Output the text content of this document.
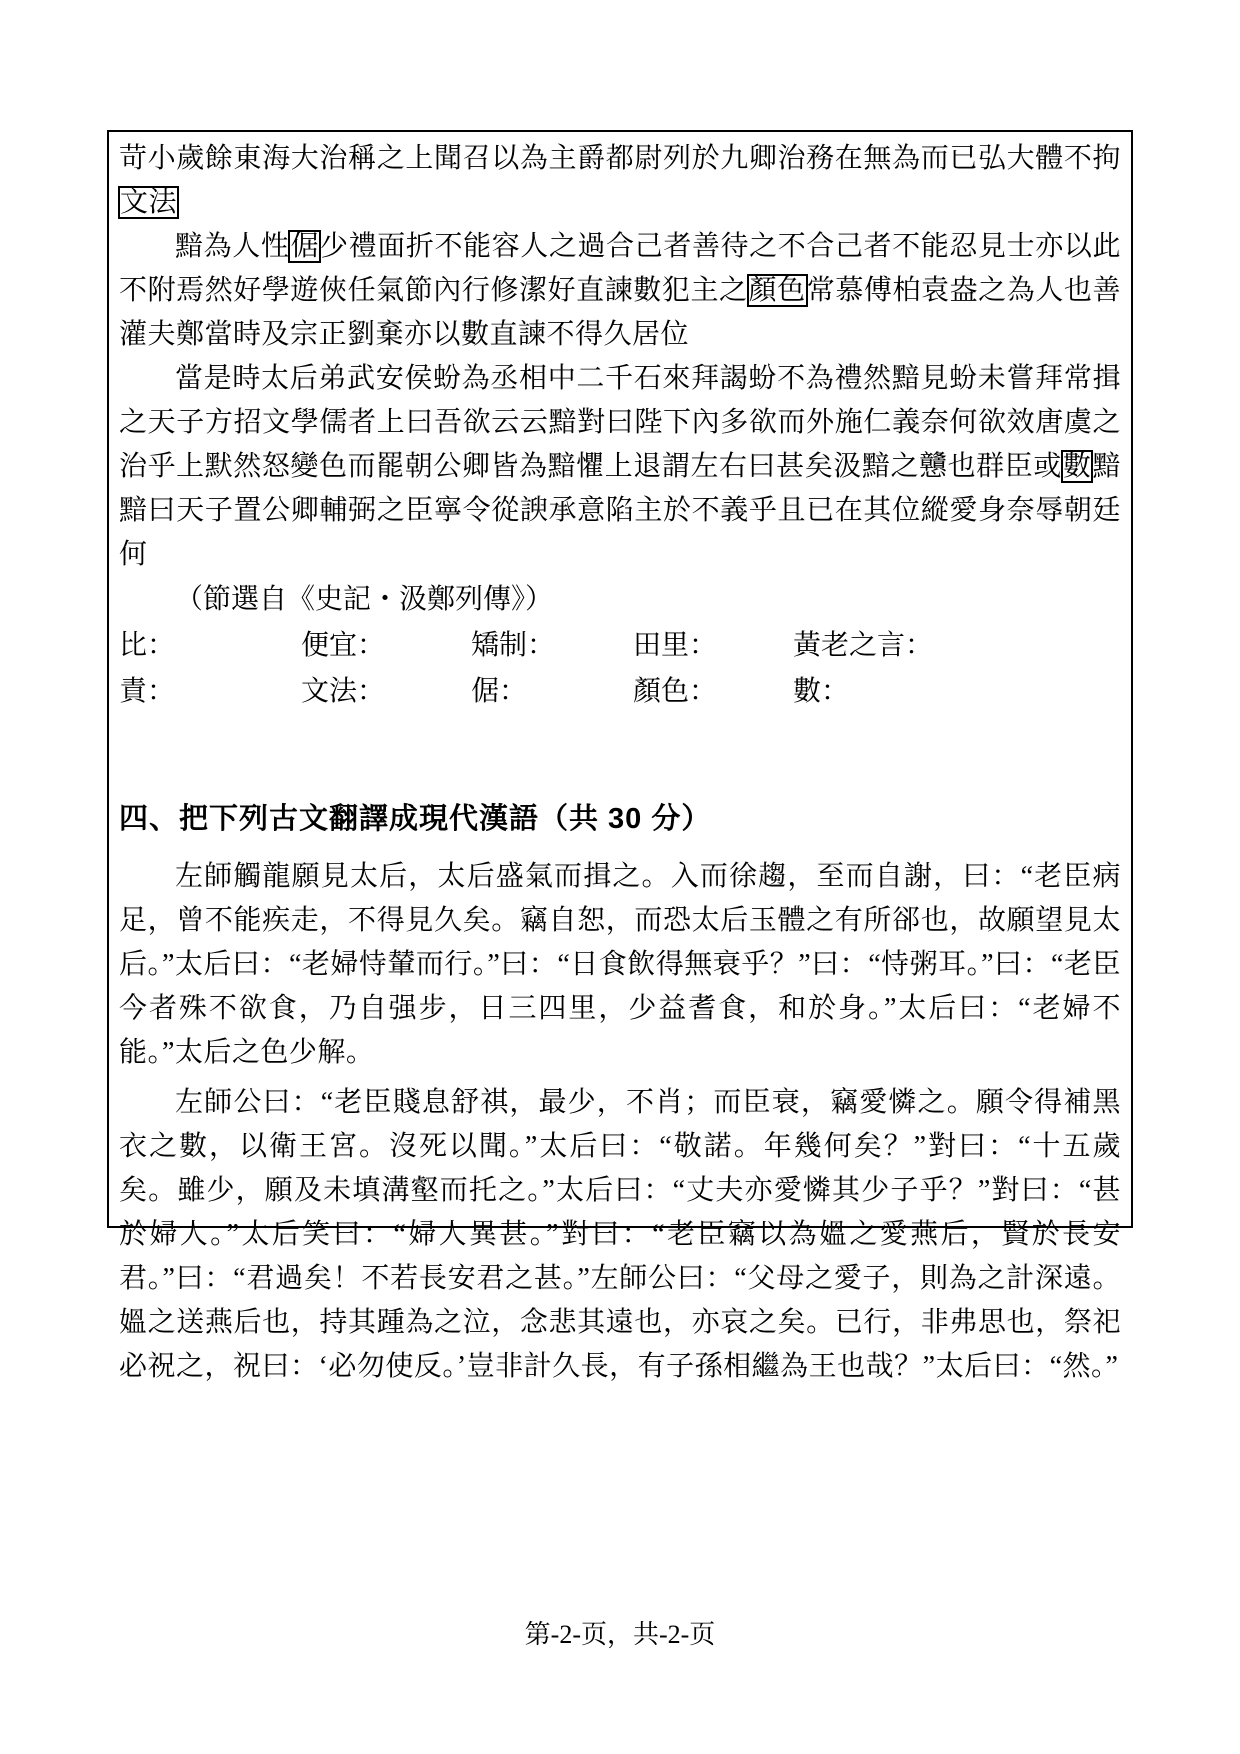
苛小歲餘東海大治稱之上聞召以為主爵都尉列於九卿治務在無為而已弘大體不拘文法

黯為人性倨少禮面折不能容人之過合己者善待之不合己者不能忍見士亦以此不附焉然好學遊俠任氣節內行修潔好直諫數犯主之顏色常慕傅柏袁盎之為人也善灌夫鄭當時及宗正劉棄亦以數直諫不得久居位

當是時太后弟武安侯蚡為丞相中二千石來拜謁蚡不為禮然黯見蚡未嘗拜常揖之天子方招文學儒者上曰吾欲云云黯對曰陛下內多欲而外施仁義奈何欲效唐虞之治乎上默然怒變色而罷朝公卿皆為黯懼上退謂左右曰甚矣汲黯之戇也群臣或數黯黯曰天子置公卿輔弼之臣寧令從諛承意陷主於不義乎且已在其位縱愛身奈辱朝廷何

（節選自《史記・汲鄭列傳》）

比：	便宜：	矯制：	田里：	黃老之言：
責：	文法：	倨：	顏色：	數：
四、把下列古文翻譯成現代漢語（共 30 分）

左師觸龍願見太后，太后盛氣而揖之。入而徐趨，至而自謝，曰：“老臣病足，曾不能疾走，不得見久矣。竊自恕，而恐太后玉體之有所郤也，故願望見太后。”太后曰：“老婦恃輦而行。”曰：“日食飲得無衰乎？”曰：“恃粥耳。”曰：“老臣今者殊不欲食，乃自强步，日三四里，少益耆食，和於身。”太后曰：“老婦不能。”太后之色少解。

左師公曰：“老臣賤息舒祺，最少，不肖；而臣衰，竊愛憐之。願令得補黑衣之數，以衛王宮。沒死以聞。”太后曰：“敬諾。年幾何矣？”對曰：“十五歲矣。雖少，願及未填溝壑而托之。”太后曰：“丈夫亦愛憐其少子乎？”對曰：“甚於婦人。”太后笑曰：“婦人異甚。”對曰：“老臣竊以為媼之愛燕后，賢於長安君。”曰：“君過矣！不若長安君之甚。”左師公曰：“父母之愛子，則為之計深遠。媼之送燕后也，持其踵為之泣，念悲其遠也，亦哀之矣。已行，非弗思也，祭祀必祝之，祝曰：‘必勿使反。’豈非計久長，有子孫相繼為王也哉？”太后曰：“然。”

第-2-页，共-2-页
